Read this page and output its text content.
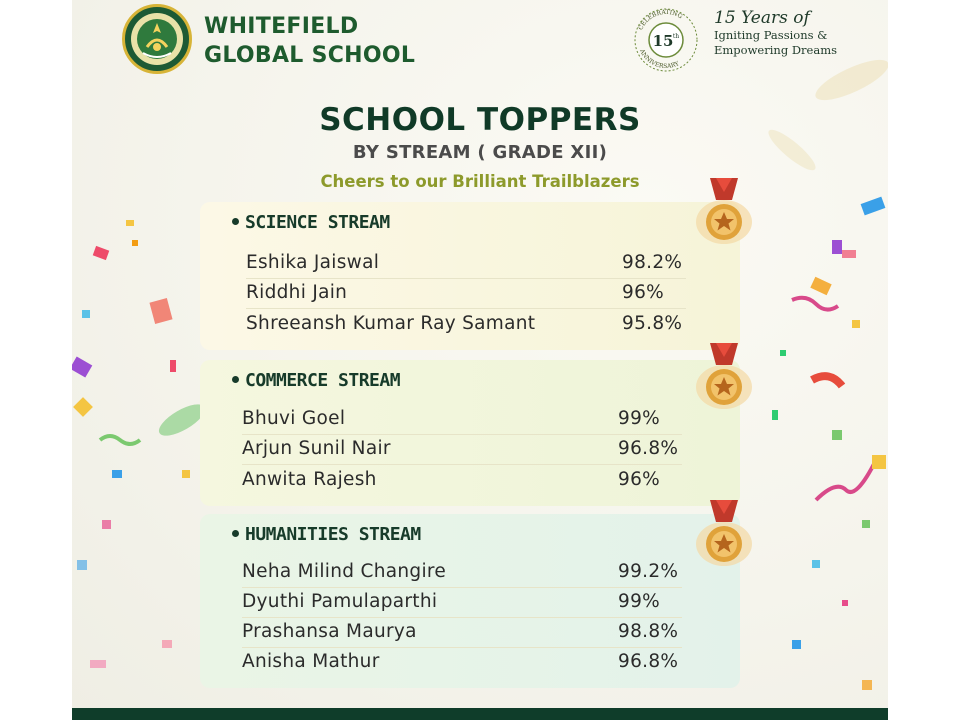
WHITEFIELD
GLOBAL SCHOOL
CELEBRATING
ANNIVERSARY
15 th
15 Years of
Igniting Passions &
Empowering Dreams
SCHOOL TOPPERS
BY STREAM ( GRADE XII)
Cheers to our Brilliant Trailblazers
SCIENCE STREAM
Eshika Jaiswal	98.2%
Riddhi Jain	96%
Shreeansh Kumar Ray Samant	95.8%
COMMERCE STREAM
Bhuvi Goel	99%
Arjun Sunil Nair	96.8%
Anwita Rajesh	96%
HUMANITIES STREAM
Neha Milind Changire	99.2%
Dyuthi Pamulaparthi	99%
Prashansa Maurya	98.8%
Anisha Mathur	96.8%
